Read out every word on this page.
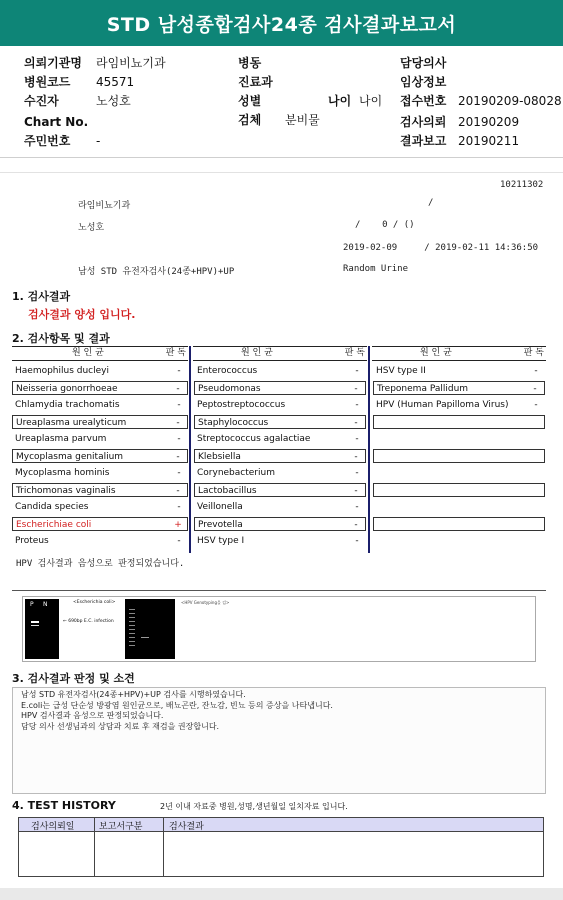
STD 남성종합검사24종 검사결과보고서
의뢰기관명 라임비뇨기과
병원코드 45571
수진자	노성호
Chart No.
주민번호 -
병동
진료과
성별	나이 나이
검체 분비물
담당의사
임상정보
접수번호 20190209-08028
검사의뢰 20190209
결과보고 20190211
10211302
라임비뇨기과	/
노성호	/    0 / ()
2019-02-09     / 2019-02-11 14:36:50
남성 STD 유전자검사(24종+HPV)+UP	Random Urine
1. 검사결과
검사결과 양성 입니다.
2. 검사항목 및 결과
원 인 균	판 독	원 인 균	판 독	원 인 균	판 독
Haemophilus ducleyi	-
Neisseria gonorrhoeae	-
Chlamydia trachomatis	-
Ureaplasma urealyticum	-
Ureaplasma parvum	-
Mycoplasma genitalium	-
Mycoplasma hominis	-
Trichomonas vaginalis	-
Candida species	-
Escherichiae coli	+
Proteus	-
Enterococcus	-
Pseudomonas	-
Peptostreptococcus	-
Staphylococcus	-
Streptococcus agalactiae	-
Klebsiella	-
Corynebacterium	-
Lactobacillus	-
Veillonella	-
Prevotella	-
HSV type I	-
HSV type II	-
Treponema Pallidum	-
HPV (Human Papilloma Virus)	-
HPV 검사결과 음성으로 판정되었습니다.
P N	<Escherichia coli>
← 690bp E.C. infection
<HPV Genotyping을 검>
3. 검사결과 판정 및 소견
남성 STD 유전자검사(24종+HPV)+UP 검사를 시행하였습니다.
E.coli는 급성 단순성 방광염 원인균으로, 배뇨곤란, 잔뇨감, 빈뇨 등의 증상을 나타냅니다.
HPV 검사결과 음성으로 판정되었습니다.
담당 의사 선생님과의 상담과 치료 후 재검을 권장합니다.
4. TEST HISTORY	2년 이내 자료중 병원,성명,생년월일 일치자료 입니다.
검사의뢰일	보고서구분	검사결과
